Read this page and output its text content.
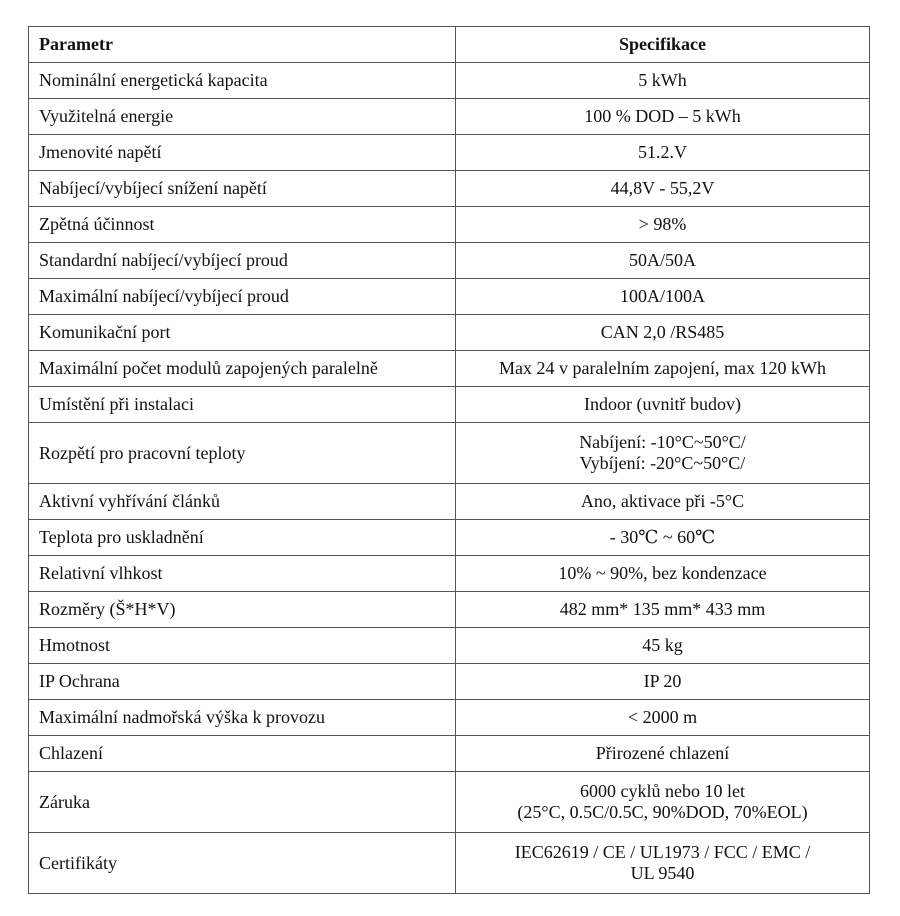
Parametr	Specifikace
Nominální energetická kapacita	5 kWh

Využitelná energie	100 % DOD – 5 kWh

Jmenovité napětí	51.2.V

Nabíjecí/vybíjecí snížení napětí	44,8V - 55,2V

Zpětná účinnost	> 98%

Standardní nabíjecí/vybíjecí proud	50A/50A

Maximální nabíjecí/vybíjecí proud	100A/100A

Komunikační port	CAN 2,0 /RS485

Maximální počet modulů zapojených paralelně	Max 24 v paralelním zapojení, max 120 kWh

Umístění při instalaci	Indoor (uvnitř budov)

Rozpětí pro pracovní teploty	Nabíjení: -10°C~50°C/
Vybíjení: -20°C~50°C/

Aktivní vyhřívání článků	Ano, aktivace při -5°C

Teplota pro uskladnění	- 30℃ ~ 60℃

Relativní vlhkost	10% ~ 90%, bez kondenzace

Rozměry (Š*H*V)	482 mm* 135 mm* 433 mm

Hmotnost	45 kg

IP Ochrana	IP 20

Maximální nadmořská výška k provozu	< 2000 m

Chlazení	Přirozené chlazení

Záruka	6000 cyklů nebo 10 let
(25°C, 0.5C/0.5C, 90%DOD, 70%EOL)

Certifikáty	IEC62619 / CE / UL1973 / FCC / EMC /
UL 9540
